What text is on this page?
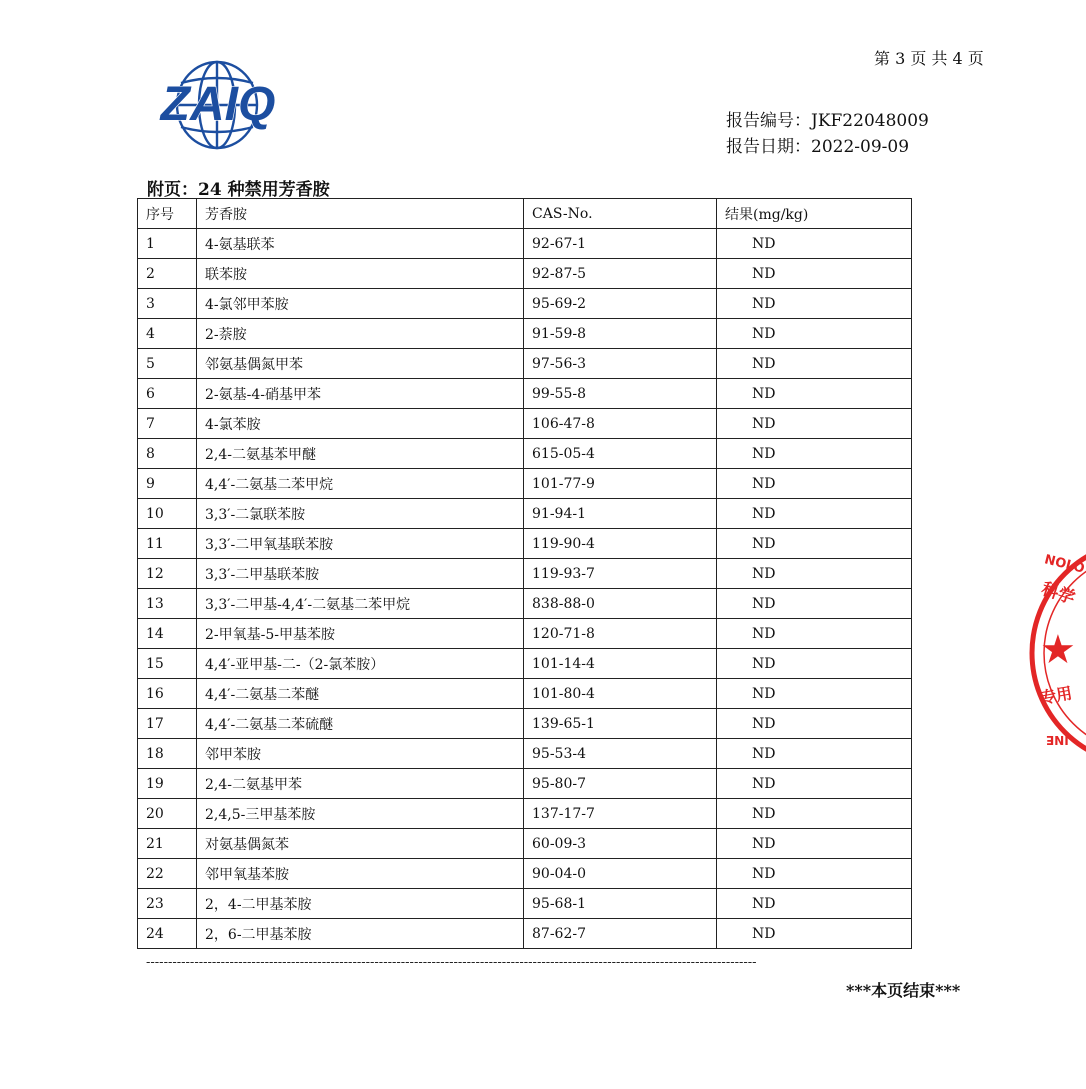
第 3 页 共 4 页
ZAIQ	报告编号：JKF22048009
报告日期：2022-09-09
附页：24 种禁用芳香胺
序号	芳香胺	CAS-No.	结果(mg/kg)
1	4-氨基联苯	92-67-1	ND
2	联苯胺	92-87-5	ND
3	4-氯邻甲苯胺	95-69-2	ND
4	2-萘胺	91-59-8	ND
5	邻氨基偶氮甲苯	97-56-3	ND
6	2-氨基-4-硝基甲苯	99-55-8	ND
7	4-氯苯胺	106-47-8	ND
8	2,4-二氨基苯甲醚	615-05-4	ND
9	4,4′-二氨基二苯甲烷	101-77-9	ND
10	3,3′-二氯联苯胺	91-94-1	ND
11	3,3′-二甲氧基联苯胺	119-90-4	ND
12	3,3′-二甲基联苯胺	119-93-7	ND
13	3,3′-二甲基-4,4′-二氨基二苯甲烷	838-88-0	ND
14	2-甲氧基-5-甲基苯胺	120-71-8	ND
15	4,4′-亚甲基-二-（2-氯苯胺）	101-14-4	ND
16	4,4′-二氨基二苯醚	101-80-4	ND
17	4,4′-二氨基二苯硫醚	139-65-1	ND
18	邻甲苯胺	95-53-4	ND
19	2,4-二氨基甲苯	95-80-7	ND
20	2,4,5-三甲基苯胺	137-17-7	ND
21	对氨基偶氮苯	60-09-3	ND
22	邻甲氧基苯胺	90-04-0	ND
23	2，4-二甲基苯胺	95-68-1	ND
24	2，6-二甲基苯胺	87-62-7	ND
-------------------------------------------------------------------------------------------------------------------------------------------
***本页结束***
NOLO
科学
★
专用
INE
